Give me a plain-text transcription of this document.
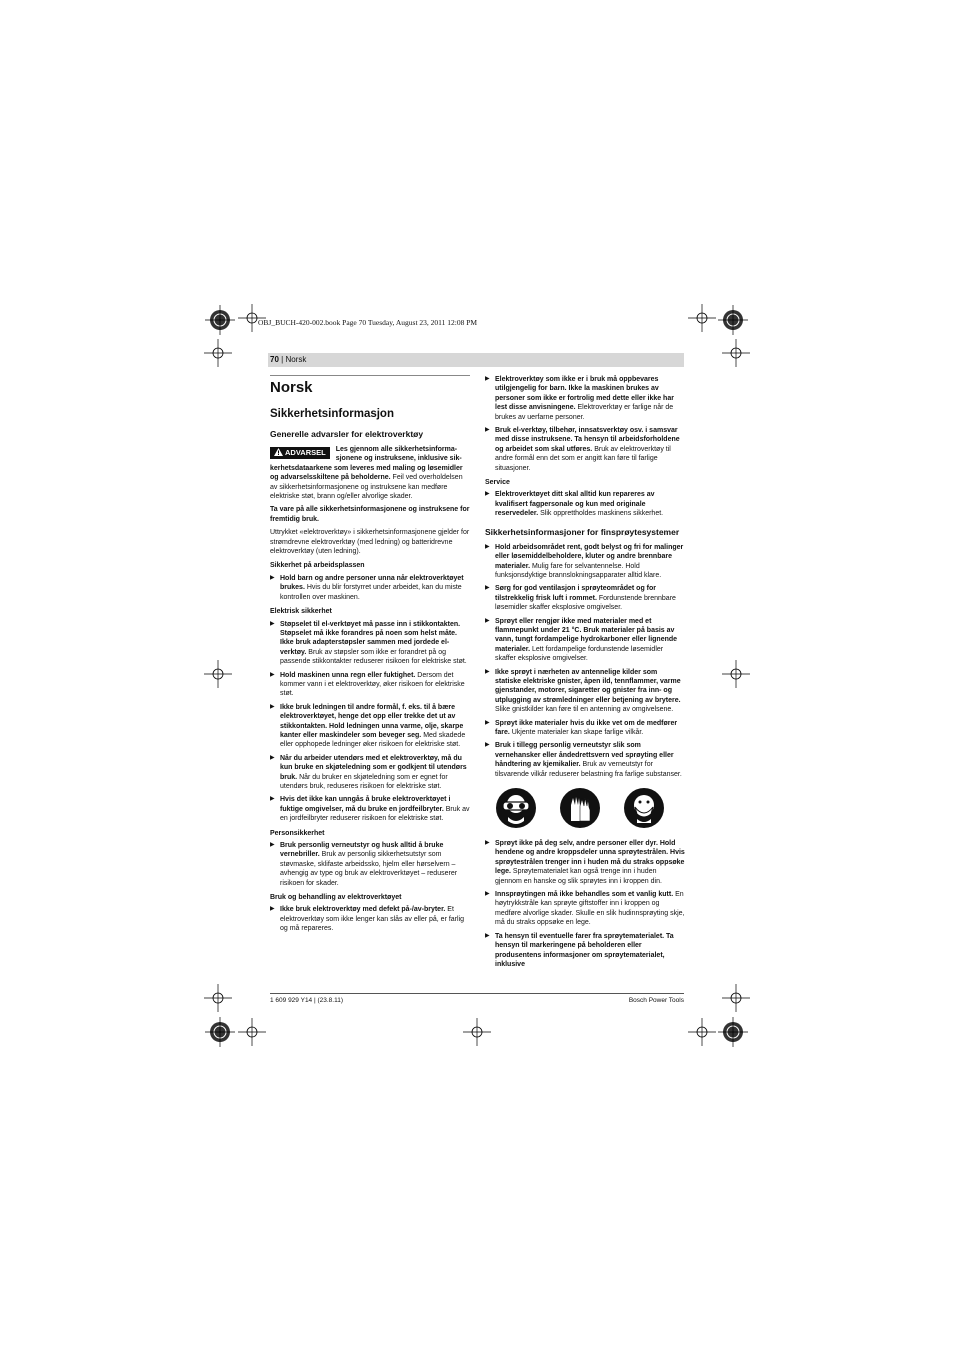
OBJ_BUCH-420-002.book Page 70 Tuesday, August 23, 2011 12:08 PM
70 | Norsk
Norsk
Sikkerhetsinformasjon
Generelle advarsler for elektroverktøy

ADVARSEL	Les gjennom alle sikkerhetsinforma-sjonene og instruksene, inklusive sik-kerhetsdataarkene som leveres med maling og løsemidler og advarselsskiltene på beholderne. Feil ved overholdelsen av sikkerhetsinformasjonene og instruksene kan medføre elektriske støt, brann og/eller alvorlige skader.

Ta vare på alle sikkerhetsinformasjonene og instruksene for fremtidig bruk.

Uttrykket «elektroverktøy» i sikkerhetsinformasjonene gjelder for strømdrevne elektroverktøy (med ledning) og batteridrevne elektroverktøy (uten ledning).

Sikkerhet på arbeidsplassen
▶ Hold barn og andre personer unna når elektroverktøyet brukes. Hvis du blir forstyrret under arbeidet, kan du miste kontrollen over maskinen.
Elektrisk sikkerhet
▶ Støpselet til el-verktøyet må passe inn i stikkontakten. Støpselet må ikke forandres på noen som helst måte. Ikke bruk adapterstøpsler sammen med jordede el-verktøy. Bruk av støpsler som ikke er forandret på og passende stikkontakter reduserer risikoen for elektriske støt.
▶ Hold maskinen unna regn eller fuktighet. Dersom det kommer vann i et elektroverktøy, øker risikoen for elektriske støt.
▶ Ikke bruk ledningen til andre formål, f. eks. til å bære elektroverktøyet, henge det opp eller trekke det ut av stikkontakten. Hold ledningen unna varme, olje, skarpe kanter eller maskindeler som beveger seg. Med skadede eller opphopede ledninger øker risikoen for elektriske støt.
▶ Når du arbeider utendørs med et elektroverktøy, må du kun bruke en skjøteledning som er godkjent til utendørs bruk. Når du bruker en skjøteledning som er egnet for utendørs bruk, reduseres risikoen for elektriske støt.
▶ Hvis det ikke kan unngås å bruke elektroverktøyet i fuktige omgivelser, må du bruke en jordfeilbryter. Bruk av en jordfeilbryter reduserer risikoen for elektriske støt.
Personsikkerhet
▶ Bruk personlig verneutstyr og husk alltid å bruke vernebriller. Bruk av personlig sikkerhetsutstyr som støvmaske, sklifaste arbeidssko, hjelm eller hørselvern – avhengig av type og bruk av elektroverktøyet – reduserer risikoen for skader.
Bruk og behandling av elektroverktøyet
▶ Ikke bruk elektroverktøy med defekt på-/av-bryter. Et elektroverktøy som ikke lenger kan slås av eller på, er farlig og må repareres.
▶ Elektroverktøy som ikke er i bruk må oppbevares utilgjengelig for barn. Ikke la maskinen brukes av personer som ikke er fortrolig med dette eller ikke har lest disse anvisningene. Elektroverktøy er farlige når de brukes av uerfarne personer.
▶ Bruk el-verktøy, tilbehør, innsatsverktøy osv. i samsvar med disse instruksene. Ta hensyn til arbeidsforholdene og arbeidet som skal utføres. Bruk av elektroverktøy til andre formål enn det som er angitt kan føre til farlige situasjoner.
Service
▶ Elektroverktøyet ditt skal alltid kun repareres av kvalifisert fagpersonale og kun med originale reservedeler. Slik opprettholdes maskinens sikkerhet.
Sikkerhetsinformasjoner for finsprøytesystemer
▶ Hold arbeidsområdet rent, godt belyst og fri for malinger eller løsemiddelbeholdere, kluter og andre brennbare materialer. Mulig fare for selvantennelse. Hold funksjonsdyktige brannslokningsapparater alltid klare.
▶ Sørg for god ventilasjon i sprøyteområdet og for tilstrekkelig frisk luft i rommet. Fordunstende brennbare løsemidler skaffer eksplosive omgivelser.
▶ Sprøyt eller rengjør ikke med materialer med et flammepunkt under 21 °C. Bruk materialer på basis av vann, tungt fordampelige hydrokarboner eller lignende materialer. Lett fordampelige fordunstende løsemidler skaffer eksplosive omgivelser.
▶ Ikke sprøyt i nærheten av antennelige kilder som statiske elektriske gnister, åpen ild, tennflammer, varme gjenstander, motorer, sigaretter og gnister fra inn- og utplugging av strømledninger eller betjening av brytere. Slike gnistkilder kan føre til en antenning av omgivelsene.
▶ Sprøyt ikke materialer hvis du ikke vet om de medfører fare. Ukjente materialer kan skape farlige vilkår.
▶ Bruk i tillegg personlig verneutstyr slik som vernehansker eller åndedrettsvern ved sprøyting eller håndtering av kjemikalier. Bruk av verneutstyr for tilsvarende vilkår reduserer belastning fra farlige substanser.
▶ Sprøyt ikke på deg selv, andre personer eller dyr. Hold hendene og andre kroppsdeler unna sprøytestrålen. Hvis sprøytestrålen trenger inn i huden må du straks oppsøke lege. Sprøytematerialet kan også trenge inn i huden gjennom en hanske og slik sprøytes inn i kroppen din.
▶ Innsprøytingen må ikke behandles som et vanlig kutt. En høytrykkstråle kan sprøyte giftstoffer inn i kroppen og medføre alvorlige skader. Skulle en slik hudinnsprøyting skje, må du straks oppsøke en lege.
▶ Ta hensyn til eventuelle farer fra sprøytematerialet. Ta hensyn til markeringene på beholderen eller produsentens informasjoner om sprøytematerialet, inklusive
1 609 929 Y14 | (23.8.11)	Bosch Power Tools
